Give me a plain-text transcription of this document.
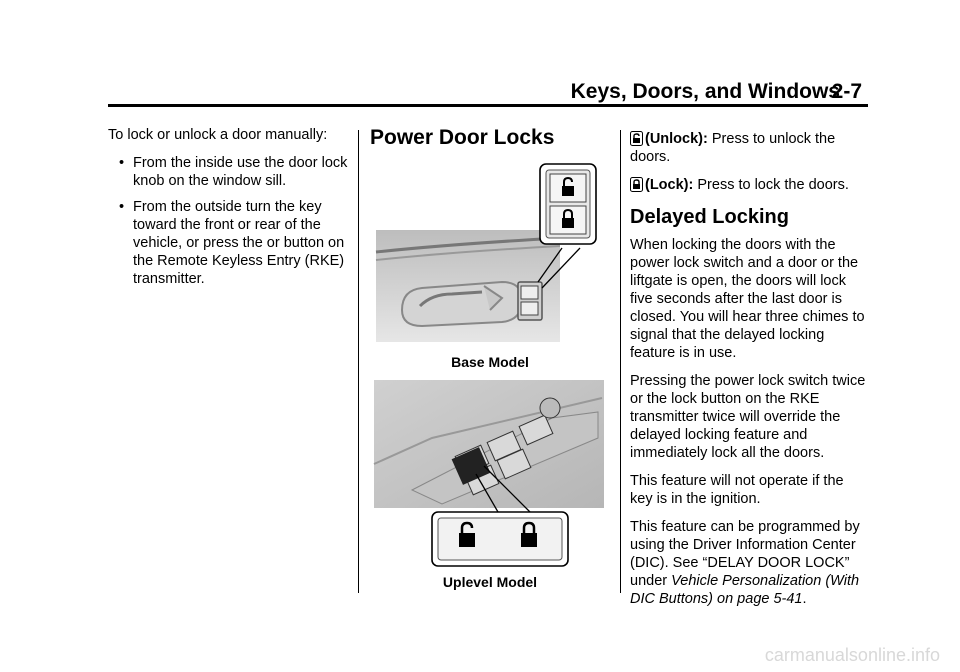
Keys, Doors, and Windows
2-7

To lock or unlock a door manually:

• From the inside use the door lock knob on the window sill.
• From the outside turn the key toward the front or rear of the vehicle, or press the or button on the Remote Keyless Entry (RKE) transmitter.
Power Door Locks
Base Model
Uplevel Model

(Unlock): Press to unlock the doors.

(Lock): Press to lock the doors.

Delayed Locking

When locking the doors with the power lock switch and a door or the liftgate is open, the doors will lock five seconds after the last door is closed. You will hear three chimes to signal that the delayed locking feature is in use.

Pressing the power lock switch twice or the lock button on the RKE transmitter twice will override the delayed locking feature and immediately lock all the doors.

This feature will not operate if the key is in the ignition.

This feature can be programmed by using the Driver Information Center (DIC). See “DELAY DOOR LOCK” under Vehicle Personalization (With DIC Buttons) on page 5-41.

carmanualsonline.info
